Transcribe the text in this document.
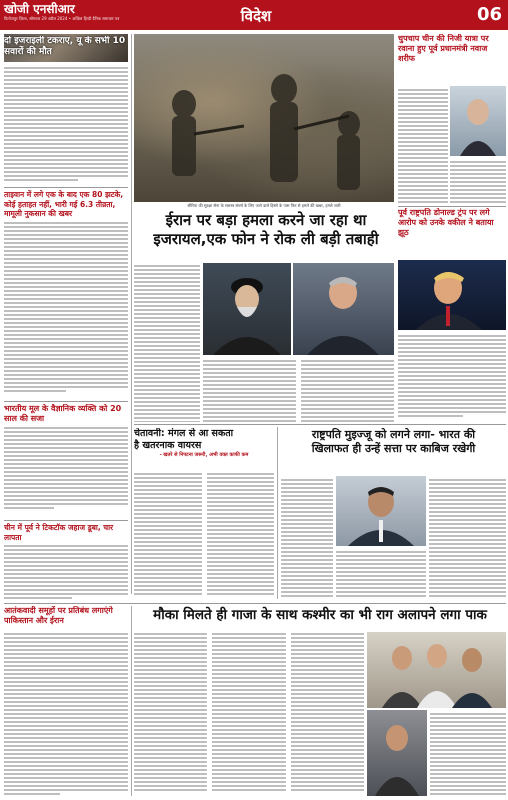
खोजी एनसीआर
फिरोजपुर ज़िला, सोमवार 29 अप्रैल 2024 • अखिल हिन्दी दैनिक समाचार पत्र	विदेश	06
दो इजराइली टकराए, यू के सभी 10 सवारों की मौत
ताइवान में लगे एक के बाद एक 80 झटके, कोई हताहत नहीं, भारी गई 6.3 तीव्रता, मामूली नुकसान की खबर
भारतीय मूल के वैज्ञानिक व्यक्ति को 20 साल की सजा
चीन में पूर्व ने टिकटॉक जहाज डूबा, चार लापता
सीरिया की सुरक्षा सेना के सशस्त्र संघर्ष के लिए जाने वाले हिस्से के पास फिर से हमले की खबर, हमले जारी
चुपचाप चीन की निजी यात्रा पर रवाना हुए पूर्व प्रधानमंत्री नवाज शरीफ
पूर्व राष्ट्रपति डोनाल्ड ट्रंप पर लगे आरोप को उनके वकील ने बताया झूठ
ईरान पर बड़ा हमला करने जा रहा था
इजरायल,एक फोन ने रोक ली बड़ी तबाही
चेतावनी: मंगल से आ सकता
है खतरनाक वायरस
- खतरे से निपटना जरूरी, अभी वक्त काफी कम
राष्ट्रपति मुइज्जू को लगने लगा- भारत की
खिलाफत ही उन्हें सत्ता पर काबिज रखेगी
आतंकवादी समूहों पर प्रतिबंध लगाएंगे पाकिस्तान और ईरान	मौका मिलते ही गाजा के साथ कश्मीर का भी राग अलापने लगा पाक
